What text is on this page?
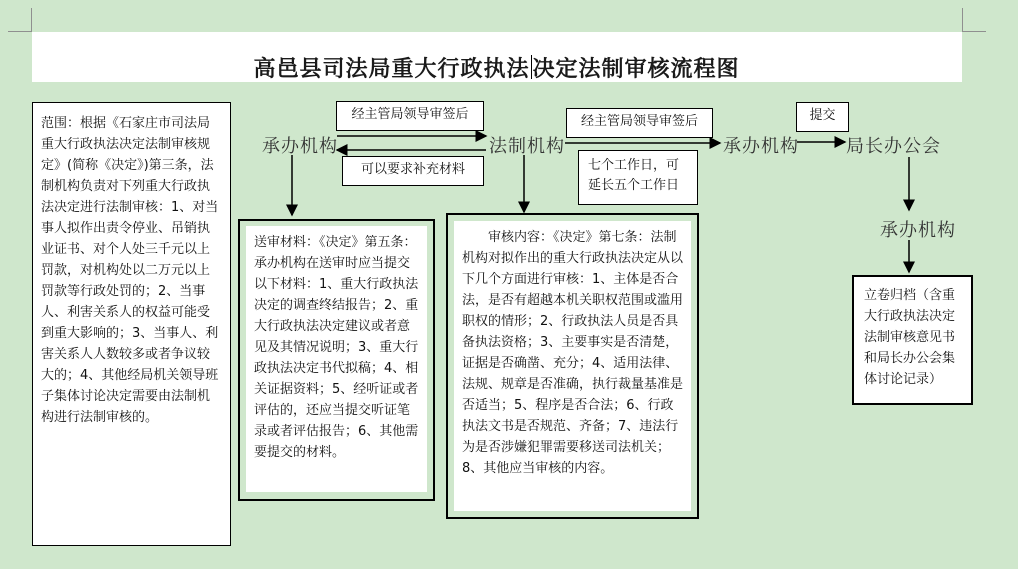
高邑县司法局重大行政执法 决定法制审核流程图
承办机构	法制机构	承办机构	局长办公会
承办机构
经主管局领导审签后
可以要求补充材料
经主管局领导审签后
七个工作日，可延长五个工作日
提交
范围：根据《石家庄市司法局重大行政执法决定法制审核规定》(简称《决定》)第三条，法制机构负责对下列重大行政执法决定进行法制审核：1、对当事人拟作出责令停业、吊销执业证书、对个人处三千元以上罚款，对机构处以二万元以上罚款等行政处罚的；2、当事人、利害关系人的权益可能受到重大影响的；3、当事人、利害关系人人数较多或者争议较大的；4、其他经局机关领导班子集体讨论决定需要由法制机构进行法制审核的。
送审材料：《决定》第五条：承办机构在送审时应当提交以下材料：1、重大行政执法决定的调查终结报告；2、重大行政执法决定建议或者意见及其情况说明；3、重大行政执法决定书代拟稿；4、相关证据资料；5、经听证或者评估的，还应当提交听证笔录或者评估报告；6、其他需要提交的材料。
审核内容：《决定》第七条：法制机构对拟作出的重大行政执法决定从以下几个方面进行审核：1、主体是否合法，是否有超越本机关职权范围或滥用职权的情形；2、行政执法人员是否具备执法资格；3、主要事实是否清楚，证据是否确凿、充分；4、适用法律、法规、规章是否准确，执行裁量基准是否适当；5、程序是否合法；6、行政执法文书是否规范、齐备；7、违法行为是否涉嫌犯罪需要移送司法机关；8、其他应当审核的内容。
立卷归档（含重大行政执法决定法制审核意见书和局长办公会集体讨论记录）
